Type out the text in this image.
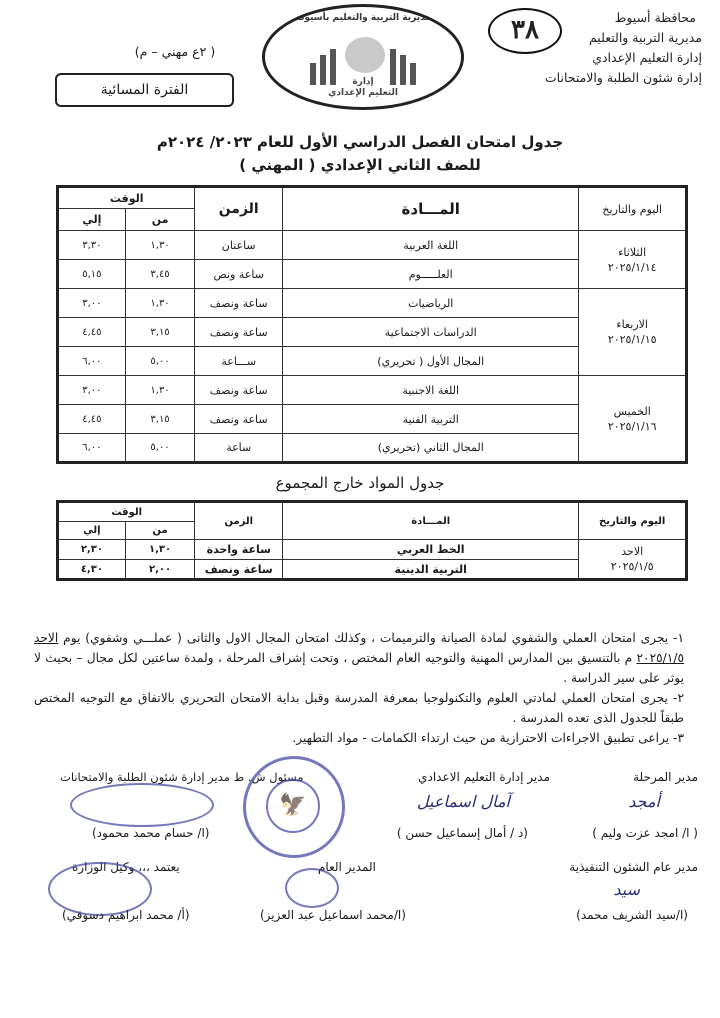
٣٨	محافظة أسيوط
مديرية التربية والتعليم
إدارة التعليم الإعدادي
إدارة شئون الطلبة والامتحانات
مديرية التربية والتعليم بأسيوط
إدارة
التعليم الإعدادي
( ٢ع مهني – م)
الفترة المسائية
جدول امتحان الفصل الدراسي الأول للعام ٢٠٢٣/ ٢٠٢٤م
للصف الثاني الإعدادي ( المهني )
اليوم والتاريخ	المـــادة	الزمن	الوقت	
			من	إلي

الثلاثاء
٢٠٢٥/١/١٤	اللغة العربية	ساعتان	١,٣٠	٣,٣٠
	العلـــــوم	ساعة ونص	٣,٤٥	٥,١٥

الاربعاء
٢٠٢٥/١/١٥	الرياضيات	ساعة ونصف	١,٣٠	٣,٠٠
	الدراسات الاجتماعية	ساعة ونصف	٣,١٥	٤,٤٥
	المجال الأول ( تحريري)	ســـاعة	٥,٠٠	٦,٠٠

الخميس
٢٠٢٥/١/١٦	اللغة الاجنبية	ساعة ونصف	١,٣٠	٣,٠٠
	التربية الفنية	ساعة ونصف	٣,١٥	٤,٤٥
	المجال الثاني (تحريري)	ساعة	٥,٠٠	٦,٠٠
جدول المواد خارج المجموع
اليوم والتاريخ	المـــادة	الزمن	الوقت	
			من	إلي

الاحد
٢٠٢٥/١/٥	الخط العربي	ساعة واحدة	١,٣٠	٢,٣٠
	التربية الدينية	ساعة ونصف	٢,٠٠	٤,٣٠

١- يجرى امتحان العملي والشفوي لمادة الصيانة والترميمات ، وكذلك امتحان المجال الاول والثانى ( عملـــي وشفوي) يوم الاحد ٢٠٢٥/١/٥ م بالتنسيق بين المدارس المهنية والتوجيه العام المختص ، وتحت إشراف المرحلة ، ولمدة ساعتين لكل مجال – بحيث لا يوثر على سير الدراسة .

٢- يجرى امتحان العملي لمادتي العلوم والتكنولوجيا بمعرفة المدرسة وقبل بداية الامتحان التحريري بالاتفاق مع التوجيه المختص طبقاً للجدول الذى تعده المدرسة .

٣- يراعى تطبيق الاجراءات الاحترازية من حيث ارتداء الكمامات - مواد التطهير.

مدير المرحلة
أمجد
( ا/ امجد عزت وليم )
مدير إدارة التعليم الاعدادي
آمال اسماعيل
(د / أمال إسماعيل حسن )
مسئول ش. ط مدير إدارة شئون الطلبة والامتحانات
(ا/ حسام محمد محمود)
🦅
مدير عام الشئون التنفيذية
سيد
(ا/سيد الشريف محمد)
المدير العام
(ا/محمد اسماعيل عبد العزيز)
يعتمد ،،، وكيل الوزارة
(أ/ محمد ابراهيم دسوقي)
